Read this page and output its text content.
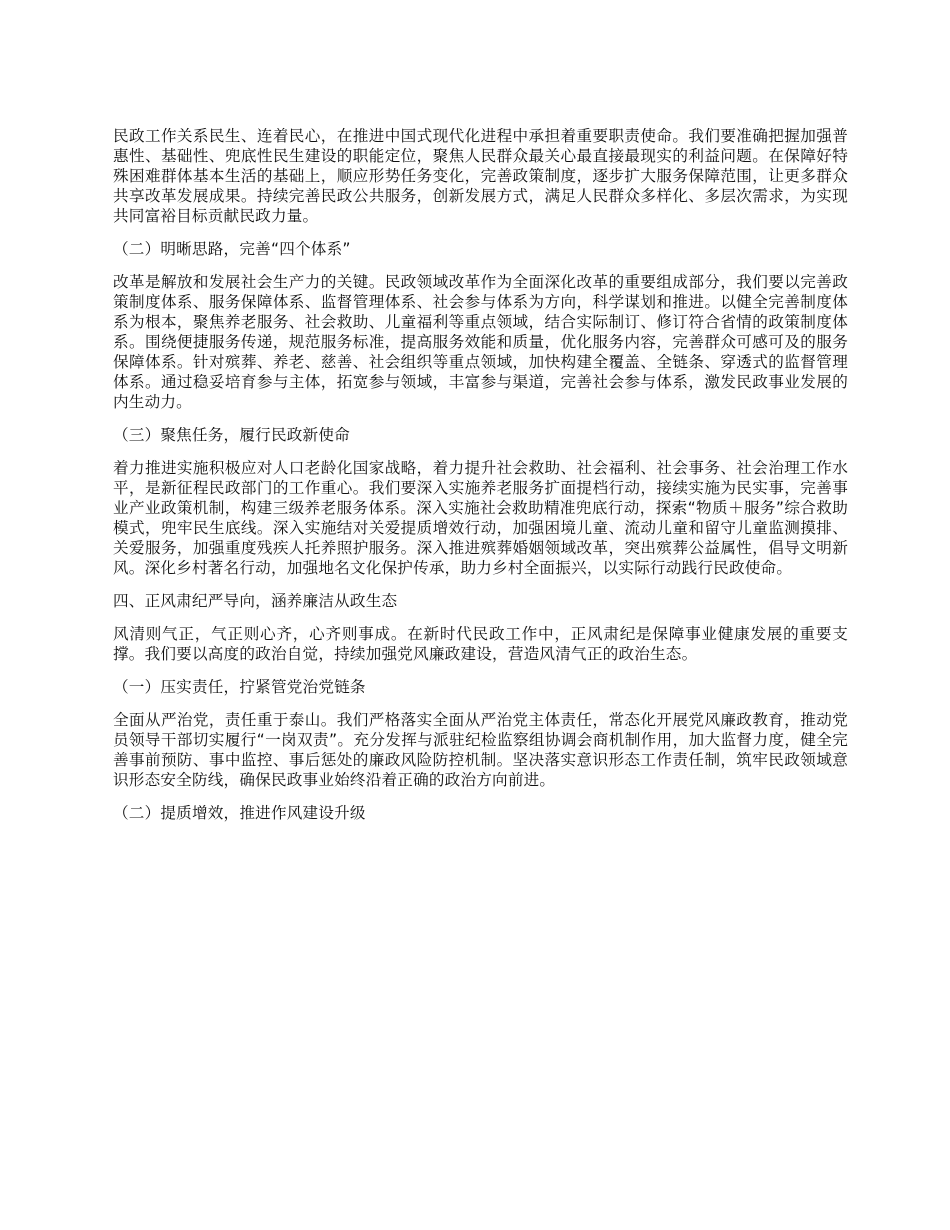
民政工作关系民生、连着民心，在推进中国式现代化进程中承担着重要职责使命。我们要准确把握加强普惠性、基础性、兜底性民生建设的职能定位，聚焦人民群众最关心最直接最现实的利益问题。在保障好特殊困难群体基本生活的基础上，顺应形势任务变化，完善政策制度，逐步扩大服务保障范围，让更多群众共享改革发展成果。持续完善民政公共服务，创新发展方式，满足人民群众多样化、多层次需求，为实现共同富裕目标贡献民政力量。

（二）明晰思路，完善“四个体系”

改革是解放和发展社会生产力的关键。民政领域改革作为全面深化改革的重要组成部分，我们要以完善政策制度体系、服务保障体系、监督管理体系、社会参与体系为方向，科学谋划和推进。以健全完善制度体系为根本，聚焦养老服务、社会救助、儿童福利等重点领域，结合实际制订、修订符合省情的政策制度体系。围绕便捷服务传递，规范服务标准，提高服务效能和质量，优化服务内容，完善群众可感可及的服务保障体系。针对殡葬、养老、慈善、社会组织等重点领域，加快构建全覆盖、全链条、穿透式的监督管理体系。通过稳妥培育参与主体，拓宽参与领域，丰富参与渠道，完善社会参与体系，激发民政事业发展的内生动力。

（三）聚焦任务，履行民政新使命

着力推进实施积极应对人口老龄化国家战略，着力提升社会救助、社会福利、社会事务、社会治理工作水平，是新征程民政部门的工作重心。我们要深入实施养老服务扩面提档行动，接续实施为民实事，完善事业产业政策机制，构建三级养老服务体系。深入实施社会救助精准兜底行动，探索“物质＋服务”综合救助模式，兜牢民生底线。深入实施结对关爱提质增效行动，加强困境儿童、流动儿童和留守儿童监测摸排、关爱服务，加强重度残疾人托养照护服务。深入推进殡葬婚姻领域改革，突出殡葬公益属性，倡导文明新风。深化乡村著名行动，加强地名文化保护传承，助力乡村全面振兴，以实际行动践行民政使命。

四、正风肃纪严导向，涵养廉洁从政生态

风清则气正，气正则心齐，心齐则事成。在新时代民政工作中，正风肃纪是保障事业健康发展的重要支撑。我们要以高度的政治自觉，持续加强党风廉政建设，营造风清气正的政治生态。

（一）压实责任，拧紧管党治党链条

全面从严治党，责任重于泰山。我们严格落实全面从严治党主体责任，常态化开展党风廉政教育，推动党员领导干部切实履行“一岗双责”。充分发挥与派驻纪检监察组协调会商机制作用，加大监督力度，健全完善事前预防、事中监控、事后惩处的廉政风险防控机制。坚决落实意识形态工作责任制，筑牢民政领域意识形态安全防线，确保民政事业始终沿着正确的政治方向前进。

（二）提质增效，推进作风建设升级
